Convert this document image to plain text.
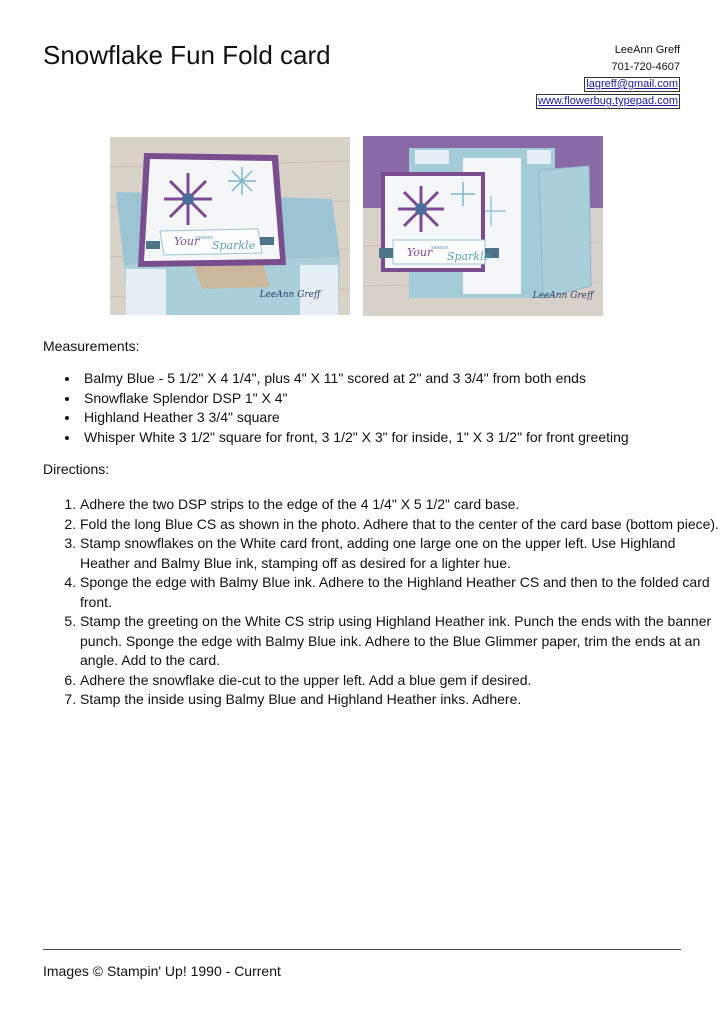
Snowflake Fun Fold card	LeeAnn Greff
701-720-4607
lagreff@gmail.com
www.flowerbug.typepad.com
Your
season
Sparkle
LeeAnn Greff
Your
season
Sparkle
LeeAnn Greff

Measurements:

• Balmy Blue - 5 1/2" X 4 1/4", plus 4" X 11" scored at 2" and 3 3/4" from both ends
• Snowflake Splendor DSP 1" X 4"
• Highland Heather 3 3/4" square
• Whisper White 3 1/2" square for front, 3 1/2" X 3" for inside, 1" X 3 1/2" for front greeting

Directions:

1. Adhere the two DSP strips to the edge of the 4 1/4" X 5 1/2" card base.
2. Fold the long Blue CS as shown in the photo. Adhere that to the center of the card base (bottom piece).
3. Stamp snowflakes on the White card front, adding one large one on the upper left. Use Highland Heather and Balmy Blue ink, stamping off as desired for a lighter hue.
4. Sponge the edge with Balmy Blue ink. Adhere to the Highland Heather CS and then to the folded card front.
5. Stamp the greeting on the White CS strip using Highland Heather ink. Punch the ends with the banner punch. Sponge the edge with Balmy Blue ink. Adhere to the Blue Glimmer paper, trim the ends at an angle. Add to the card.
6. Adhere the snowflake die-cut to the upper left. Add a blue gem if desired.
7. Stamp the inside using Balmy Blue and Highland Heather inks. Adhere.
Images © Stampin' Up! 1990 - Current
